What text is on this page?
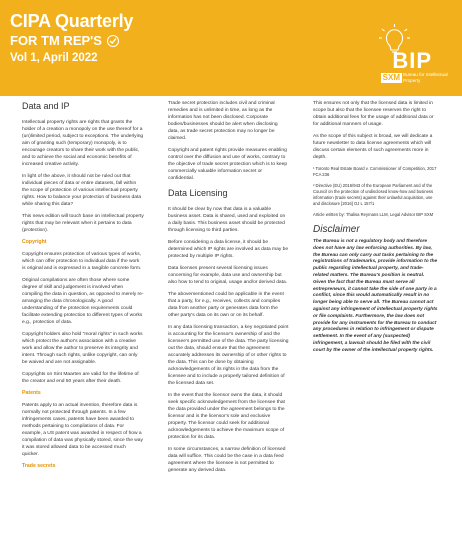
CIPA Quarterly
FOR TM REP'S
Vol 1, April 2022	BIP
SXM Bureau for Intellectual Property
Data and IP

Intellectual property rights are rights that grants the holder of a creation a monopoly on the use thereof for a (un)limited period, subject to exceptions. The underlying aim of granting such (temporary) monopoly, is to encourage creators to share their work with the public, and to achieve the social and economic benefits of increased creative activity.

In light of the above, it should not be ruled out that individual pieces of data or entire datasets, fall within the scope of protection of various intellectual property rights. How to balance your protection of business data while sharing this data?

This news edition will touch base on intellectual property rights that may be relevant when it pertains to data (protection).

Copyright

Copyright ensures protection of various types of works, which can offer protection to individual data if the work is original and is expressed in a tangible concrete form.

Original compilations are often those where some degree of skill and judgement is involved when compiling the data in question, as opposed to merely re-arranging the data chronologically. A good understanding of the protection requirements could facilitate extending protection to different types of works e.g., protection of data.

Copyright holders also hold "moral rights" in such works which protect the author's association with a creative work and allow the author to preserve its integrity and intent. Through such rights, unlike copyright, can only be waived and are not assignable.

Copyrights on Sint Maarten are valid for the lifetime of the creator and end 50 years after their death.

Patents

Patents apply to an actual invention, therefore data is normally not protected through patents. In a few infringements cases, patents have been awarded to methods pertaining to compilations of data. For example, a US patent was awarded in respect of how a compilation of data was physically stored, since the way it was stored allowed data to be accessed much quicker.

Trade secrets

Trade secret protection includes civil and criminal remedies and is unlimited in time, as long as the information has not been disclosed. Corporate bodies/businesses should be alert when disclosing data, as trade secret protection may no longer be claimed.

Copyright and patent rights provide measures enabling control over the diffusion and use of works, contrary to the objective of trade secret protection which is to keep commercially valuable information secret or confidential.

Data Licensing

It should be clear by now that data is a valuable business asset. Data is shared, used and exploited on a daily basis. This business asset should be protected through licensing to third parties.

Before considering a data license, it should be determined which IP rights are involved as data may be protected by multiple IP rights.

Data licenses present several licensing issues concerning for example, data use and ownership but also how to tend to original, usage and/or derived data.

The abovementioned could be applicable in the event that a party, for e.g., receives, collects and compiles data from another party or generates data form the other party's data on its own or on its behalf.

In any data licensing transaction, a key negotiated point is accounting for the licensor's ownership of and the licensee's permitted use of the data. The party licensing out the data, should ensure that the agreement accurately addresses its ownership of or other rights to the data. This can be done by obtaining acknowledgements of its rights in the data from the licensee and to include a properly tailored definition of the licensed data set.

In the event that the licensor owns the data, it should seek specific acknowledgement from the licensee that the data provided under the agreement belongs to the licensor and is the licensor's sole and exclusive property. The licensor could seek for additional acknowledgements to achieve the maximum scope of protection for its data.

In some circumstances, a narrow definition of licensed data will suffice. This could be the case in a data feed agreement where the licensee is not permitted to generate any derived data.

This ensures not only that the licensed data is limited in scope but also that the licensee reserves the right to obtain additional fees for the usage of additional data or for additional manners of usage.

As the scope of this subject is broad, we will dedicate a future newsletter to data license agreements which will discuss certain elements of such agreements more in depth.

¹ Toronto Real Estate Board v. Commissioner of Competition, 2017 FCA 236

² Directive (EU) 2016/943 of the European Parliament and of the Council on the protection of undisclosed know-how and business information (trade secrets) against their unlawful acquisition, use and disclosure [2016] OJ L 157/1

Article written by: Thalisa Reymans LLM, Legal Advisor BIP SXM

Disclaimer

The Bureau is not a regulatory body and therefore does not have any law enforcing authorities. By law, the Bureau can only carry out tasks pertaining to the registrations of trademarks, provide information to the public regarding intellectual property, and trade-related matters. The Bureau's position is neutral. Given the fact that the Bureau must serve all entrepreneurs, it cannot take the side of one party in a conflict, since this would automatically result in no longer being able to serve all. The Bureau cannot act against any infringement of intellectual property rights or file complaints. Furthermore, the law does not provide for any instruments for the Bureau to conduct any procedures in relation to infringement or dispute settlement. In the event of any (suspected) infringement, a lawsuit should be filed with the civil court by the owner of the intellectual property rights.
